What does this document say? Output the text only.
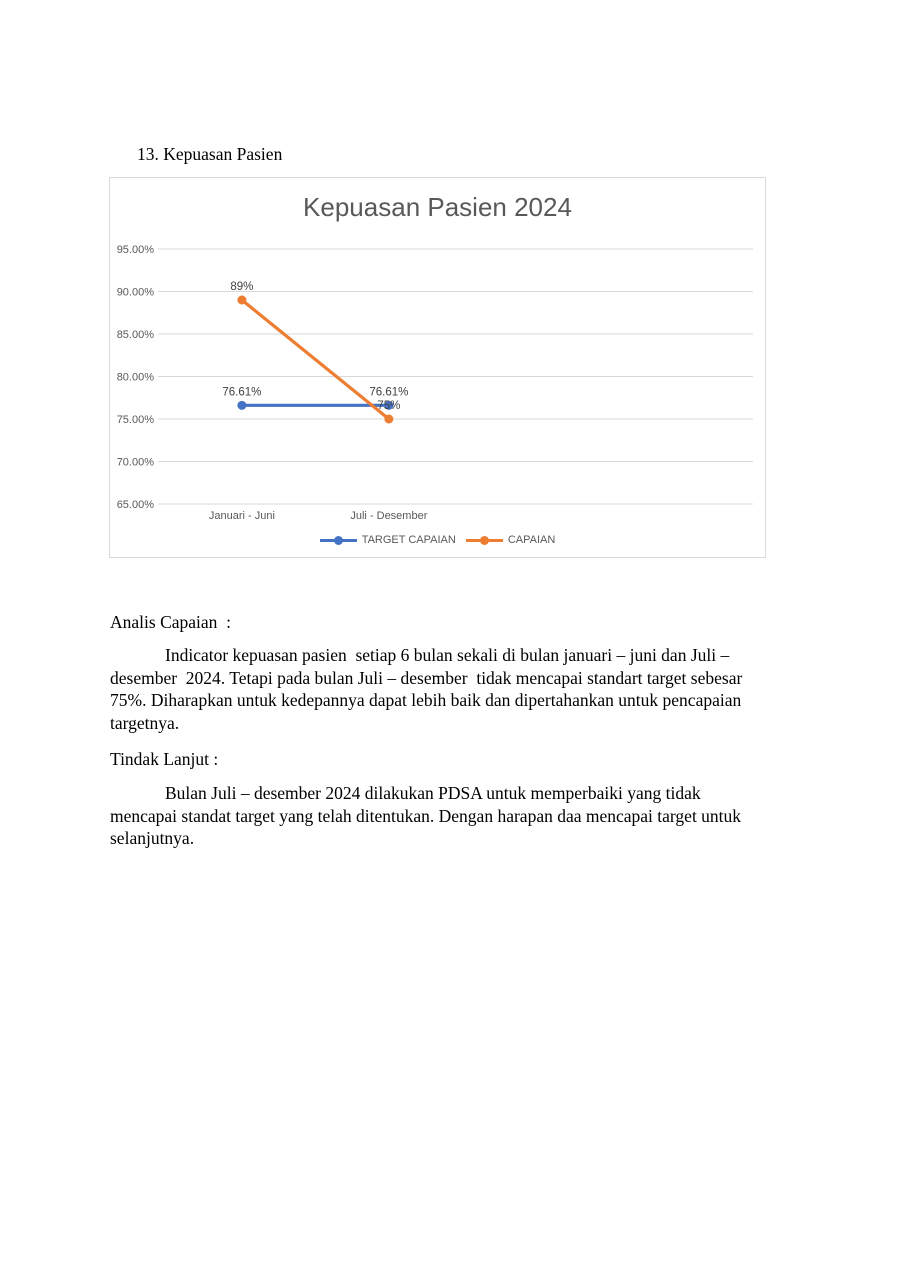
13. Kepuasan Pasien
Kepuasan Pasien 2024
95.00%
90.00%
85.00%
80.00%
75.00%
70.00%
65.00%
76.61%	76.61%
89%
75%
Januari - Juni	Juli - Desember
TARGET CAPAIAN	CAPAIAN
Analis Capaian  :
Indicator kepuasan pasien  setiap 6 bulan sekali di bulan januari – juni dan Juli – desember  2024. Tetapi pada bulan Juli – desember  tidak mencapai standart target sebesar 75%. Diharapkan untuk kedepannya dapat lebih baik dan dipertahankan untuk pencapaian targetnya.
Tindak Lanjut :
Bulan Juli – desember 2024 dilakukan PDSA untuk memperbaiki yang tidak mencapai standat target yang telah ditentukan. Dengan harapan daa mencapai target untuk selanjutnya.
